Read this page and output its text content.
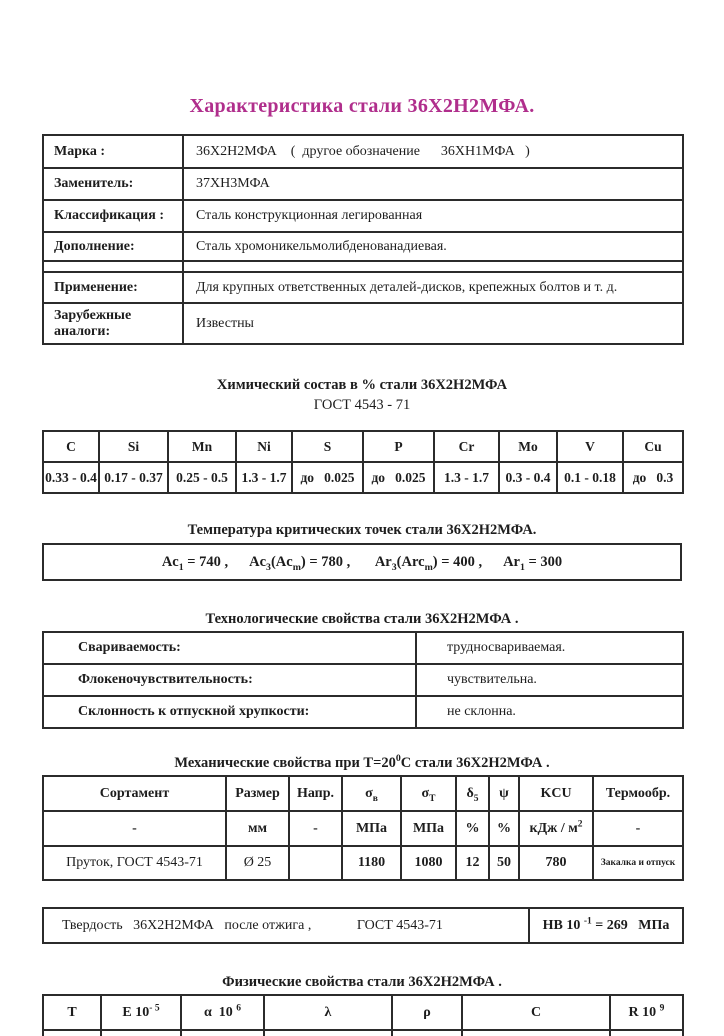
Характеристика стали 36Х2Н2МФА.
Марка :	36Х2Н2МФА    (  другое обозначение      36ХН1МФА   )
Заменитель:	37ХН3МФА
Классификация :	Сталь конструкционная легированная
Дополнение:	Сталь хромоникельмолибденованадиевая.

Применение:	Для крупных ответственных деталей-дисков, крепежных болтов и т. д.
Зарубежные аналоги:	Известны
Химический состав в % стали 36Х2Н2МФА
ГОСТ 4543 - 71
C	Si	Mn	Ni	S	P	Cr	Mo	V	Cu
0.33 - 0.4	0.17 - 0.37	0.25 - 0.5	1.3 - 1.7	до   0.025	до   0.025	1.3 - 1.7	0.3 - 0.4	0.1 - 0.18	до   0.3
Температура критических точек стали 36Х2Н2МФА.
$Ac_1 = 740$ ,      $Ac_3(Ac_m) = 780$ ,       $Ar_3(Arc_m) = 400$ ,      $Ar_1 = 300$
Технологические свойства стали 36Х2Н2МФА .
Свариваемость:	трудносвариваемая.
Флокеночувствительность:	чувствительна.
Склонность к отпускной хрупкости:	не склонна.
Механические свойства при $Т=20^0С$ стали 36Х2Н2МФА .
Сортамент	Размер	Напр.	$\sigma_в$	$\sigma_Т$	$\delta_5$	ψ	KCU	Термообр.
-	мм	-	МПа	МПа	%	%	кДж / $м^2$	-
Пруток, ГОСТ 4543-71	Ø 25		1180	1080	12	50	780	Закалка и отпуск
Твердость   36Х2Н2МФА   после отжига ,             ГОСТ 4543-71	НВ 10 $^{-1}$ = 269   МПа
Физические свойства стали 36Х2Н2МФА .
Т	Е $10^{- 5}$	α  10 $^6$	λ	ρ	С	R 10 $^9$
